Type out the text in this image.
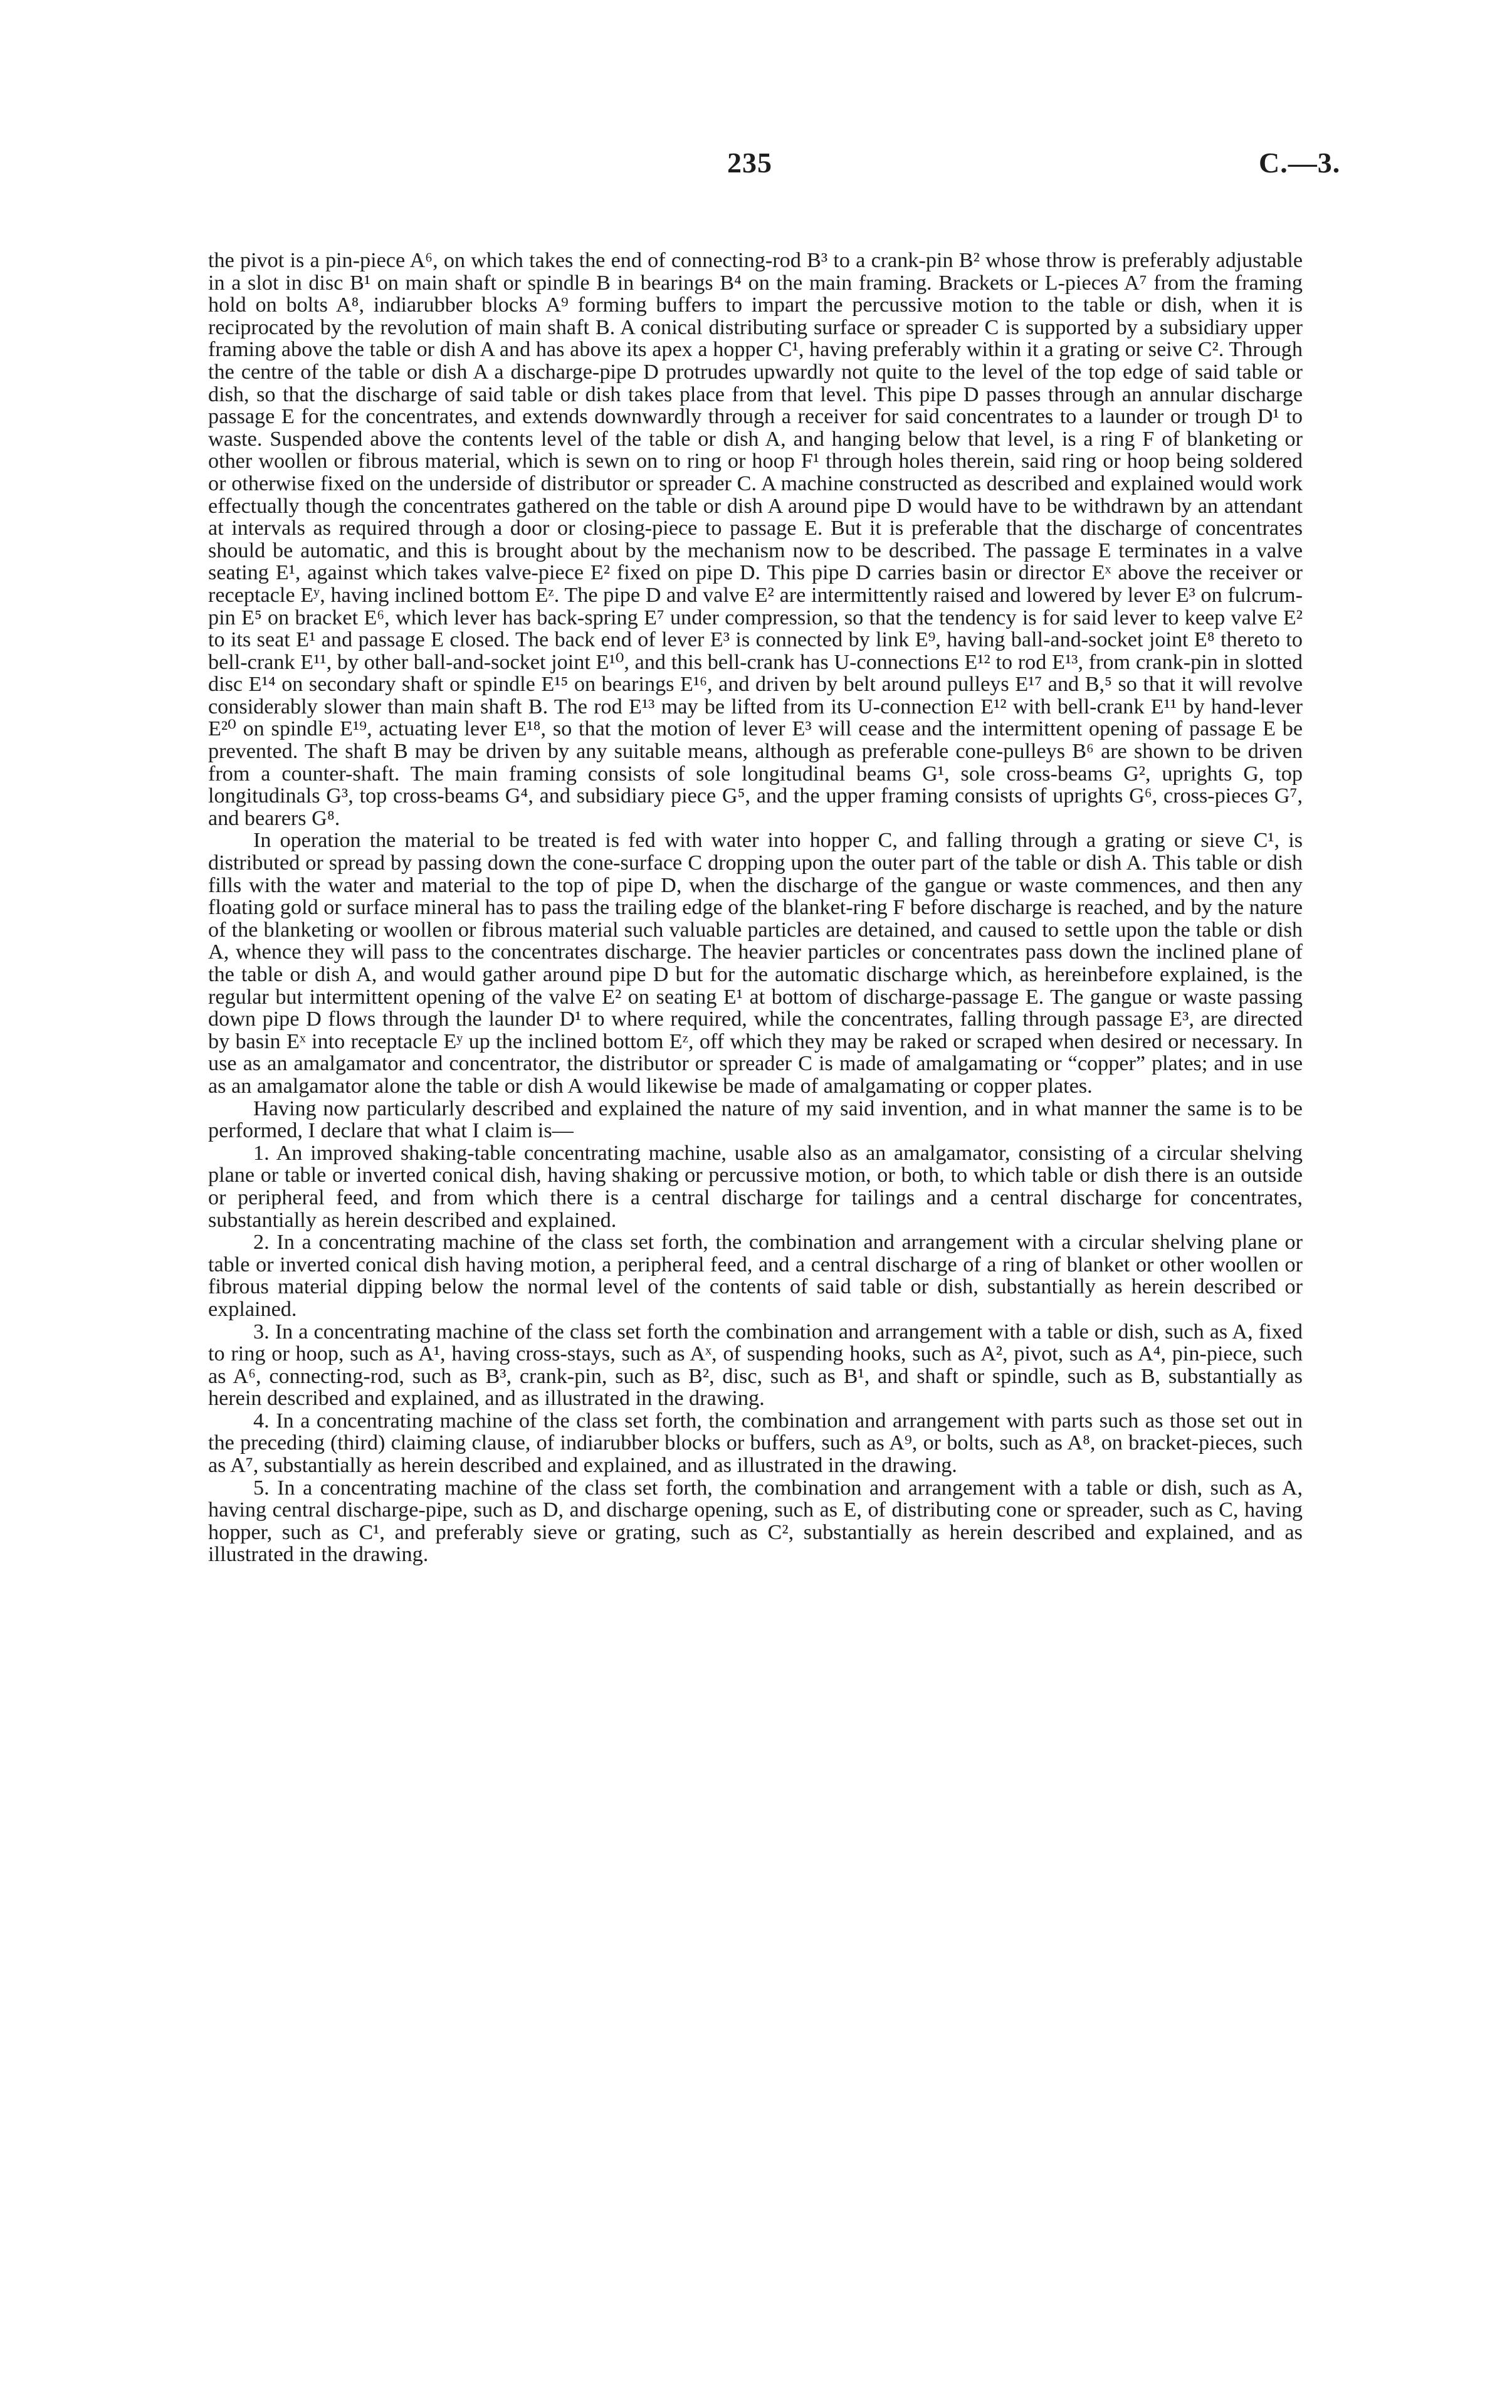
235	C.—3.

the pivot is a pin-piece A⁶, on which takes the end of connecting-rod B³ to a crank-pin B² whose throw is preferably adjustable in a slot in disc B¹ on main shaft or spindle B in bearings B⁴ on the main framing. Brackets or L-pieces A⁷ from the framing hold on bolts A⁸, indiarubber blocks A⁹ forming buffers to impart the percussive motion to the table or dish, when it is reciprocated by the revolution of main shaft B. A conical distributing surface or spreader C is supported by a subsidiary upper framing above the table or dish A and has above its apex a hopper C¹, having preferably within it a grating or seive C². Through the centre of the table or dish A a discharge-pipe D protrudes upwardly not quite to the level of the top edge of said table or dish, so that the discharge of said table or dish takes place from that level. This pipe D passes through an annular discharge passage E for the concentrates, and extends downwardly through a receiver for said concentrates to a launder or trough D¹ to waste. Suspended above the contents level of the table or dish A, and hanging below that level, is a ring F of blanketing or other woollen or fibrous material, which is sewn on to ring or hoop F¹ through holes therein, said ring or hoop being soldered or otherwise fixed on the underside of distributor or spreader C. A machine constructed as described and explained would work effectually though the concentrates gathered on the table or dish A around pipe D would have to be withdrawn by an attendant at intervals as required through a door or closing-piece to passage E. But it is preferable that the discharge of concentrates should be automatic, and this is brought about by the mechanism now to be described. The passage E terminates in a valve seating E¹, against which takes valve-piece E² fixed on pipe D. This pipe D carries basin or director Eˣ above the receiver or receptacle Eʸ, having inclined bottom Eᶻ. The pipe D and valve E² are intermittently raised and lowered by lever E³ on fulcrum-pin E⁵ on bracket E⁶, which lever has back-spring E⁷ under compression, so that the tendency is for said lever to keep valve E² to its seat E¹ and passage E closed. The back end of lever E³ is connected by link E⁹, having ball-and-socket joint E⁸ thereto to bell-crank E¹¹, by other ball-and-socket joint E¹⁰, and this bell-crank has U-connections E¹² to rod E¹³, from crank-pin in slotted disc E¹⁴ on secondary shaft or spindle E¹⁵ on bearings E¹⁶, and driven by belt around pulleys E¹⁷ and B,⁵ so that it will revolve considerably slower than main shaft B. The rod E¹³ may be lifted from its U-connection E¹² with bell-crank E¹¹ by hand-lever E²⁰ on spindle E¹⁹, actuating lever E¹⁸, so that the motion of lever E³ will cease and the intermittent opening of passage E be prevented. The shaft B may be driven by any suitable means, although as preferable cone-pulleys B⁶ are shown to be driven from a counter-shaft. The main framing consists of sole longitudinal beams G¹, sole cross-beams G², uprights G, top longitudinals G³, top cross-beams G⁴, and subsidiary piece G⁵, and the upper framing consists of uprights G⁶, cross-pieces G⁷, and bearers G⁸.

In operation the material to be treated is fed with water into hopper C, and falling through a grating or sieve C¹, is distributed or spread by passing down the cone-surface C dropping upon the outer part of the table or dish A. This table or dish fills with the water and material to the top of pipe D, when the discharge of the gangue or waste commences, and then any floating gold or surface mineral has to pass the trailing edge of the blanket-ring F before discharge is reached, and by the nature of the blanketing or woollen or fibrous material such valuable particles are detained, and caused to settle upon the table or dish A, whence they will pass to the concentrates discharge. The heavier particles or concentrates pass down the inclined plane of the table or dish A, and would gather around pipe D but for the automatic discharge which, as hereinbefore explained, is the regular but intermittent opening of the valve E² on seating E¹ at bottom of discharge-passage E. The gangue or waste passing down pipe D flows through the launder D¹ to where required, while the concentrates, falling through passage E³, are directed by basin Eˣ into receptacle Eʸ up the inclined bottom Eᶻ, off which they may be raked or scraped when desired or necessary. In use as an amalgamator and concentrator, the distributor or spreader C is made of amalgamating or “copper” plates; and in use as an amalgamator alone the table or dish A would likewise be made of amalgamating or copper plates.

Having now particularly described and explained the nature of my said invention, and in what manner the same is to be performed, I declare that what I claim is—

1. An improved shaking-table concentrating machine, usable also as an amalgamator, consisting of a circular shelving plane or table or inverted conical dish, having shaking or percussive motion, or both, to which table or dish there is an outside or peripheral feed, and from which there is a central discharge for tailings and a central discharge for concentrates, substantially as herein described and explained.

2. In a concentrating machine of the class set forth, the combination and arrangement with a circular shelving plane or table or inverted conical dish having motion, a peripheral feed, and a central discharge of a ring of blanket or other woollen or fibrous material dipping below the normal level of the contents of said table or dish, substantially as herein described or explained.

3. In a concentrating machine of the class set forth the combination and arrangement with a table or dish, such as A, fixed to ring or hoop, such as A¹, having cross-stays, such as Aˣ, of suspending hooks, such as A², pivot, such as A⁴, pin-piece, such as A⁶, connecting-rod, such as B³, crank-pin, such as B², disc, such as B¹, and shaft or spindle, such as B, substantially as herein described and explained, and as illustrated in the drawing.

4. In a concentrating machine of the class set forth, the combination and arrangement with parts such as those set out in the preceding (third) claiming clause, of indiarubber blocks or buffers, such as A⁹, or bolts, such as A⁸, on bracket-pieces, such as A⁷, substantially as herein described and explained, and as illustrated in the drawing.

5. In a concentrating machine of the class set forth, the combination and arrangement with a table or dish, such as A, having central discharge-pipe, such as D, and discharge opening, such as E, of distributing cone or spreader, such as C, having hopper, such as C¹, and preferably sieve or grating, such as C², substantially as herein described and explained, and as illustrated in the drawing.
